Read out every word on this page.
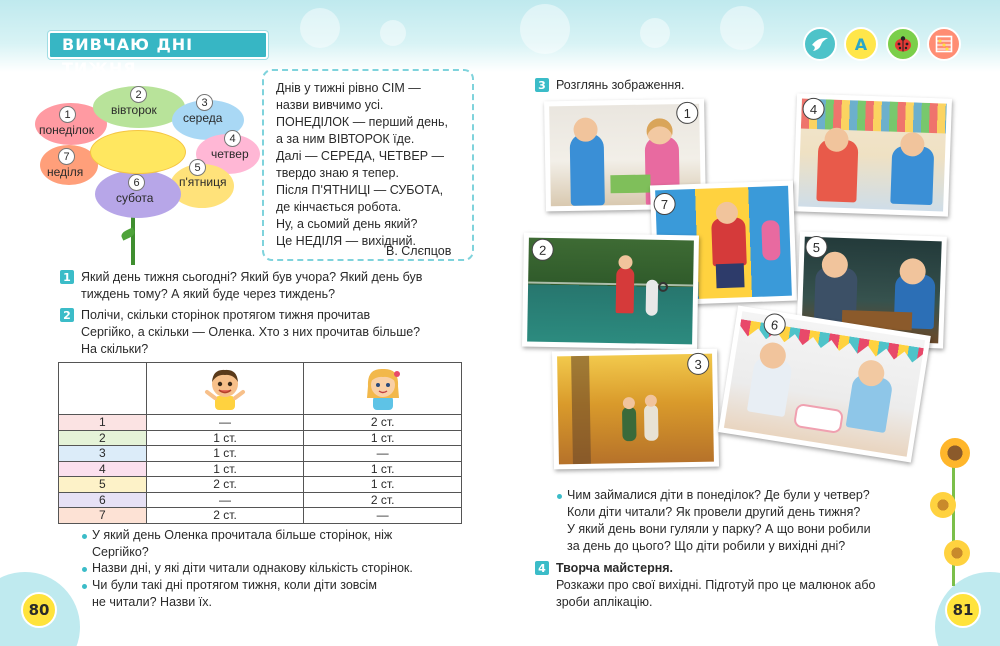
ВИВЧАЮ ДНІ ТИЖНЯ
А
80	81
1
понеділок
2
вівторок
3
середа
4
четвер
5
п'ятниця
6
субота
7
неділя
Днів у тижні рівно СІМ —
назви вивчимо усі.
ПОНЕДІЛОК — перший день,
а за ним ВІВТОРОК їде.
Далі — СЕРЕДА, ЧЕТВЕР —
твердо знаю я тепер.
Після П'ЯТНИЦІ — СУБОТА,
де кінчається робота.
Ну, а сьомий день який?
Це НЕДІЛЯ — вихідний.
В. Слєпцов
1 Який день тижня сьогодні? Який був учора? Який день був
тиждень тому? А який буде через тиждень?
2 Полічи, скільки сторінок протягом тижня прочитав
Сергійко, а скільки — Оленка. Хто з них прочитав більше?
На скільки?

1	—	2 ст.
2	1 ст.	1 ст.
3	1 ст.	—
4	1 ст.	1 ст.
5	2 ст.	1 ст.
6	—	2 ст.
7	2 ст.	—
У який день Оленка прочитала більше сторінок, ніж
Сергійко?
Назви дні, у які діти читали однакову кількість сторінок.
Чи були такі дні протягом тижня, коли діти зовсім
не читали? Назви їх.
3 Розглянь зображення.
1	4
7
2	5
3
6
Чим займалися діти в понеділок? Де були у четвер?
Коли діти читали? Як провели другий день тижня?
У який день вони гуляли у парку? А що вони робили
за день до цього? Що діти робили у вихідні дні?
4 Творча майстерня.
Розкажи про свої вихідні. Підготуй про це малюнок або
зроби аплікацію.
